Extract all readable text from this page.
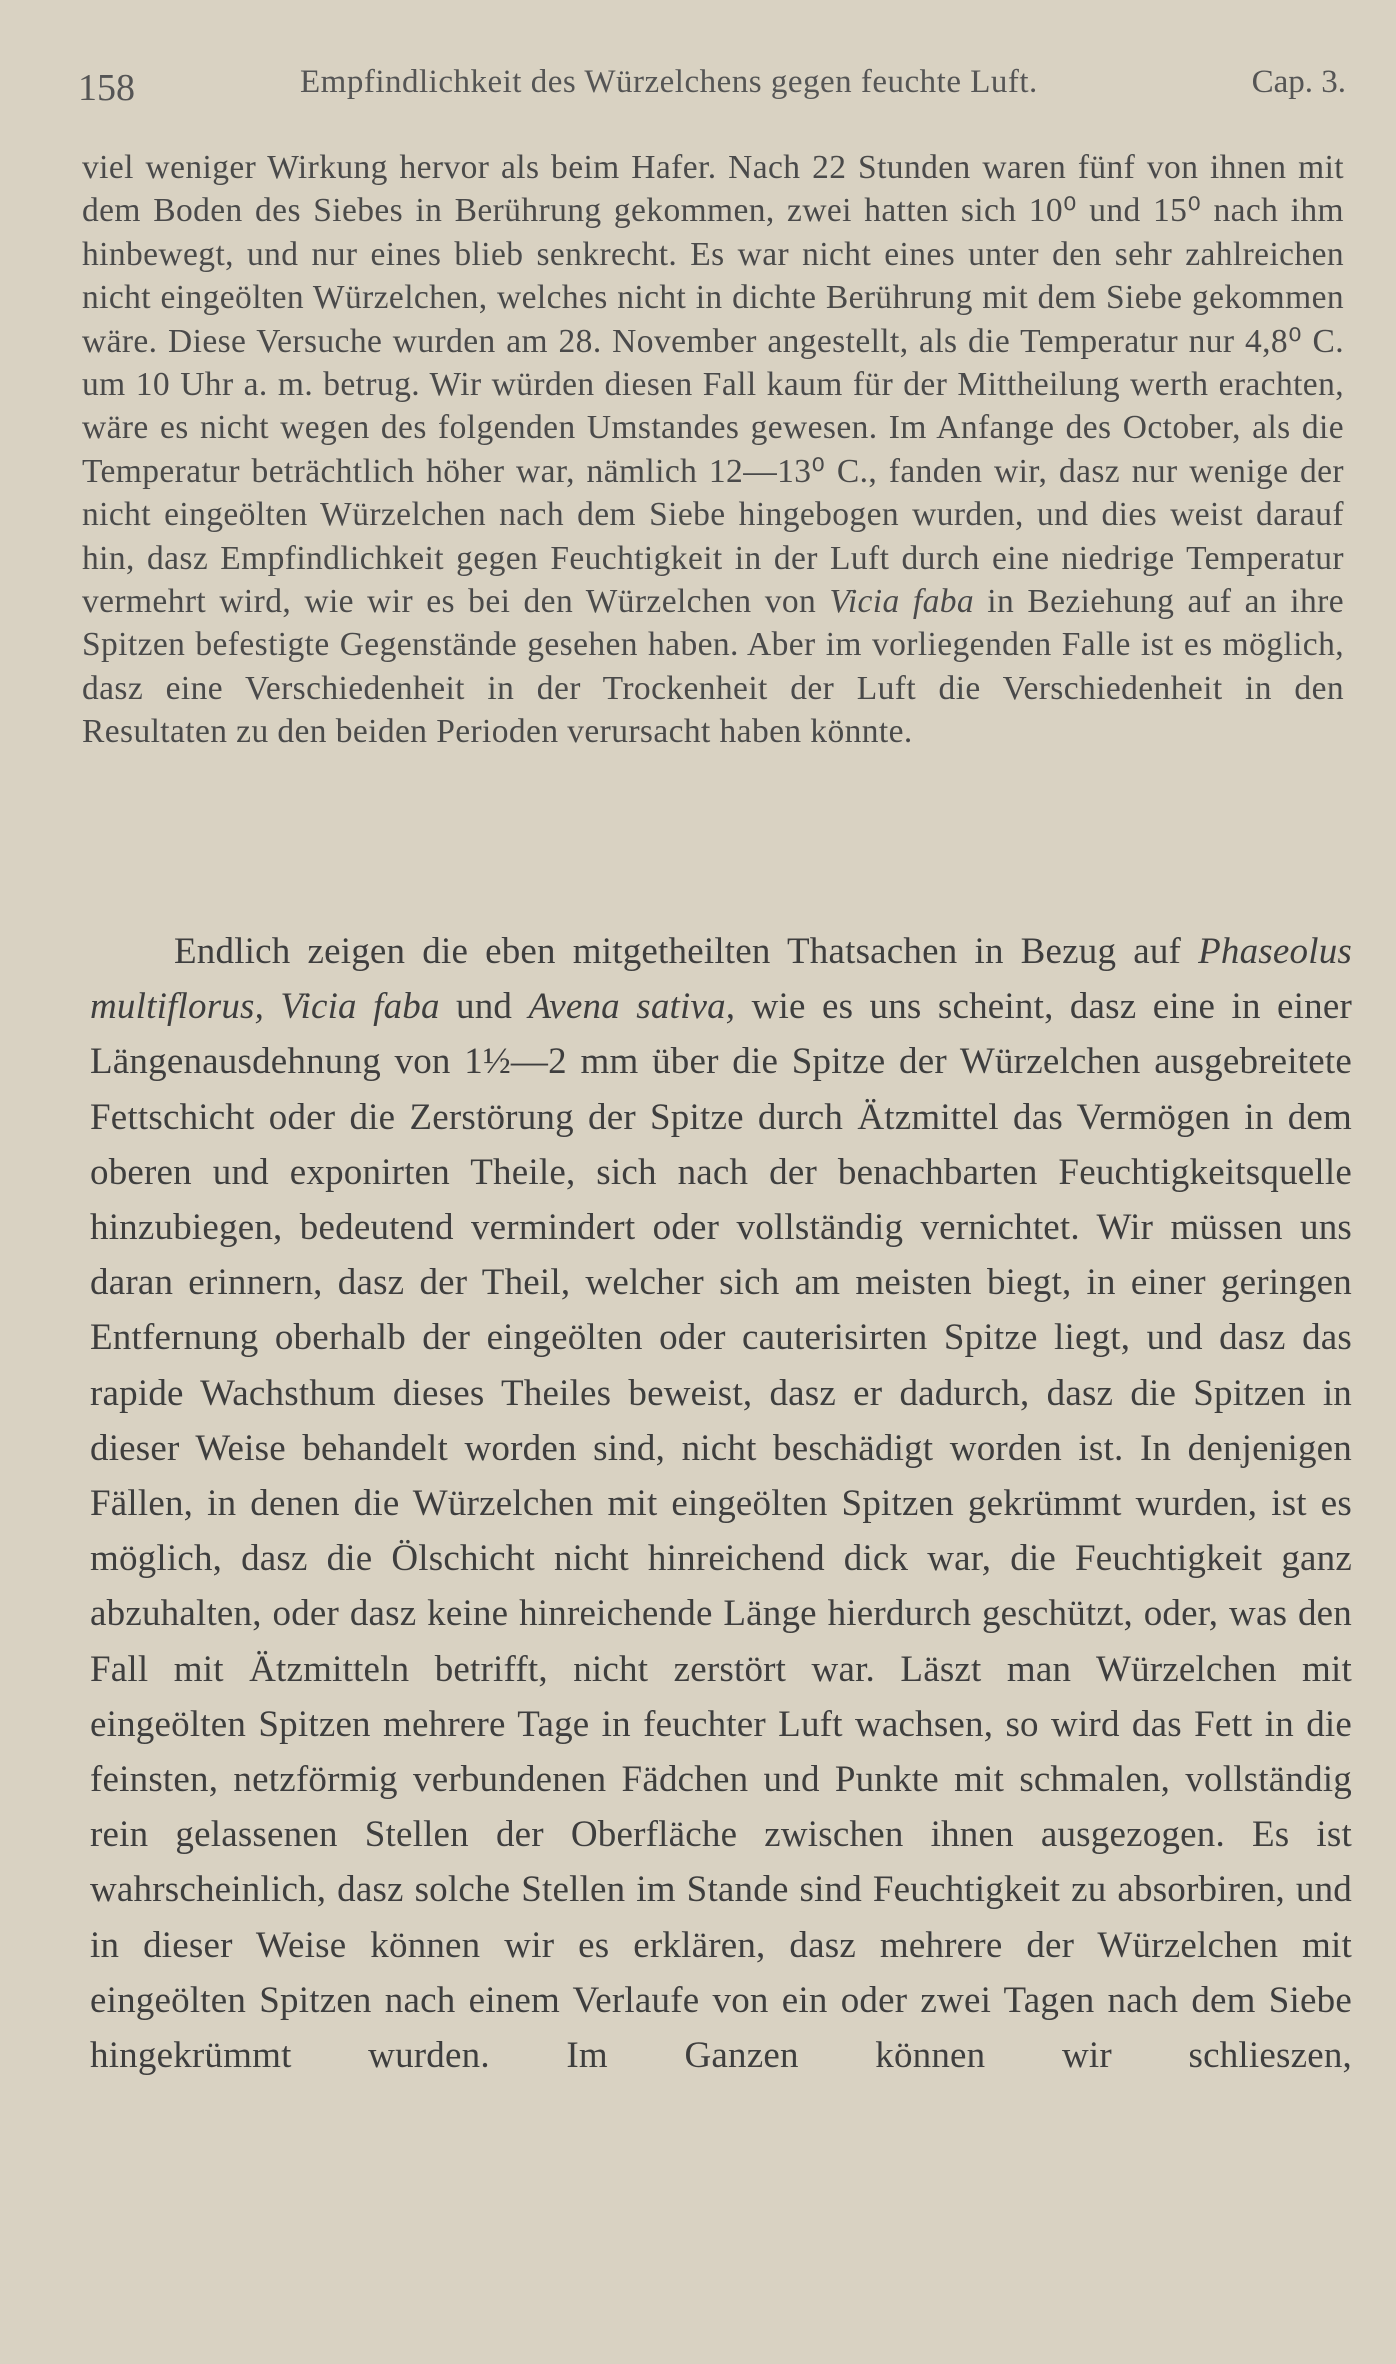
158	Empfindlichkeit des Würzelchens gegen feuchte Luft.	Cap. 3.

viel weniger Wirkung hervor als beim Hafer. Nach 22 Stunden waren fünf von ihnen mit dem Boden des Siebes in Berührung gekommen, zwei hatten sich 10⁰ und 15⁰ nach ihm hinbewegt, und nur eines blieb senkrecht. Es war nicht eines unter den sehr zahlreichen nicht eingeölten Würzelchen, welches nicht in dichte Berührung mit dem Siebe gekommen wäre. Diese Versuche wurden am 28. November angestellt, als die Temperatur nur 4,8⁰ C. um 10 Uhr a. m. betrug. Wir würden diesen Fall kaum für der Mittheilung werth erachten, wäre es nicht wegen des folgenden Umstandes gewesen. Im Anfange des October, als die Temperatur beträchtlich höher war, nämlich 12—13⁰ C., fanden wir, dasz nur wenige der nicht eingeölten Würzelchen nach dem Siebe hingebogen wurden, und dies weist darauf hin, dasz Empfindlichkeit gegen Feuchtigkeit in der Luft durch eine niedrige Temperatur vermehrt wird, wie wir es bei den Würzelchen von Vicia faba in Beziehung auf an ihre Spitzen befestigte Gegenstände gesehen haben. Aber im vorliegenden Falle ist es möglich, dasz eine Verschiedenheit in der Trockenheit der Luft die Verschiedenheit in den Resultaten zu den beiden Perioden verursacht haben könnte.

Endlich zeigen die eben mitgetheilten Thatsachen in Bezug auf Phaseolus multiflorus, Vicia faba und Avena sativa, wie es uns scheint, dasz eine in einer Längenausdehnung von 1½—2 mm über die Spitze der Würzelchen ausgebreitete Fettschicht oder die Zerstörung der Spitze durch Ätzmittel das Vermögen in dem oberen und exponirten Theile, sich nach der benachbarten Feuchtigkeitsquelle hinzubiegen, bedeutend vermindert oder vollständig vernichtet. Wir müssen uns daran erinnern, dasz der Theil, welcher sich am meisten biegt, in einer geringen Entfernung oberhalb der eingeölten oder cauterisirten Spitze liegt, und dasz das rapide Wachsthum dieses Theiles beweist, dasz er dadurch, dasz die Spitzen in dieser Weise behandelt worden sind, nicht beschädigt worden ist. In denjenigen Fällen, in denen die Würzelchen mit eingeölten Spitzen gekrümmt wurden, ist es möglich, dasz die Ölschicht nicht hinreichend dick war, die Feuchtigkeit ganz abzuhalten, oder dasz keine hinreichende Länge hierdurch geschützt, oder, was den Fall mit Ätzmitteln betrifft, nicht zerstört war. Läszt man Würzelchen mit eingeölten Spitzen mehrere Tage in feuchter Luft wachsen, so wird das Fett in die feinsten, netzförmig verbundenen Fädchen und Punkte mit schmalen, vollständig rein gelassenen Stellen der Oberfläche zwischen ihnen ausgezogen. Es ist wahrscheinlich, dasz solche Stellen im Stande sind Feuchtigkeit zu absorbiren, und in dieser Weise können wir es erklären, dasz mehrere der Würzelchen mit eingeölten Spitzen nach einem Verlaufe von ein oder zwei Tagen nach dem Siebe hingekrümmt wurden. Im Ganzen können wir schlieszen,
